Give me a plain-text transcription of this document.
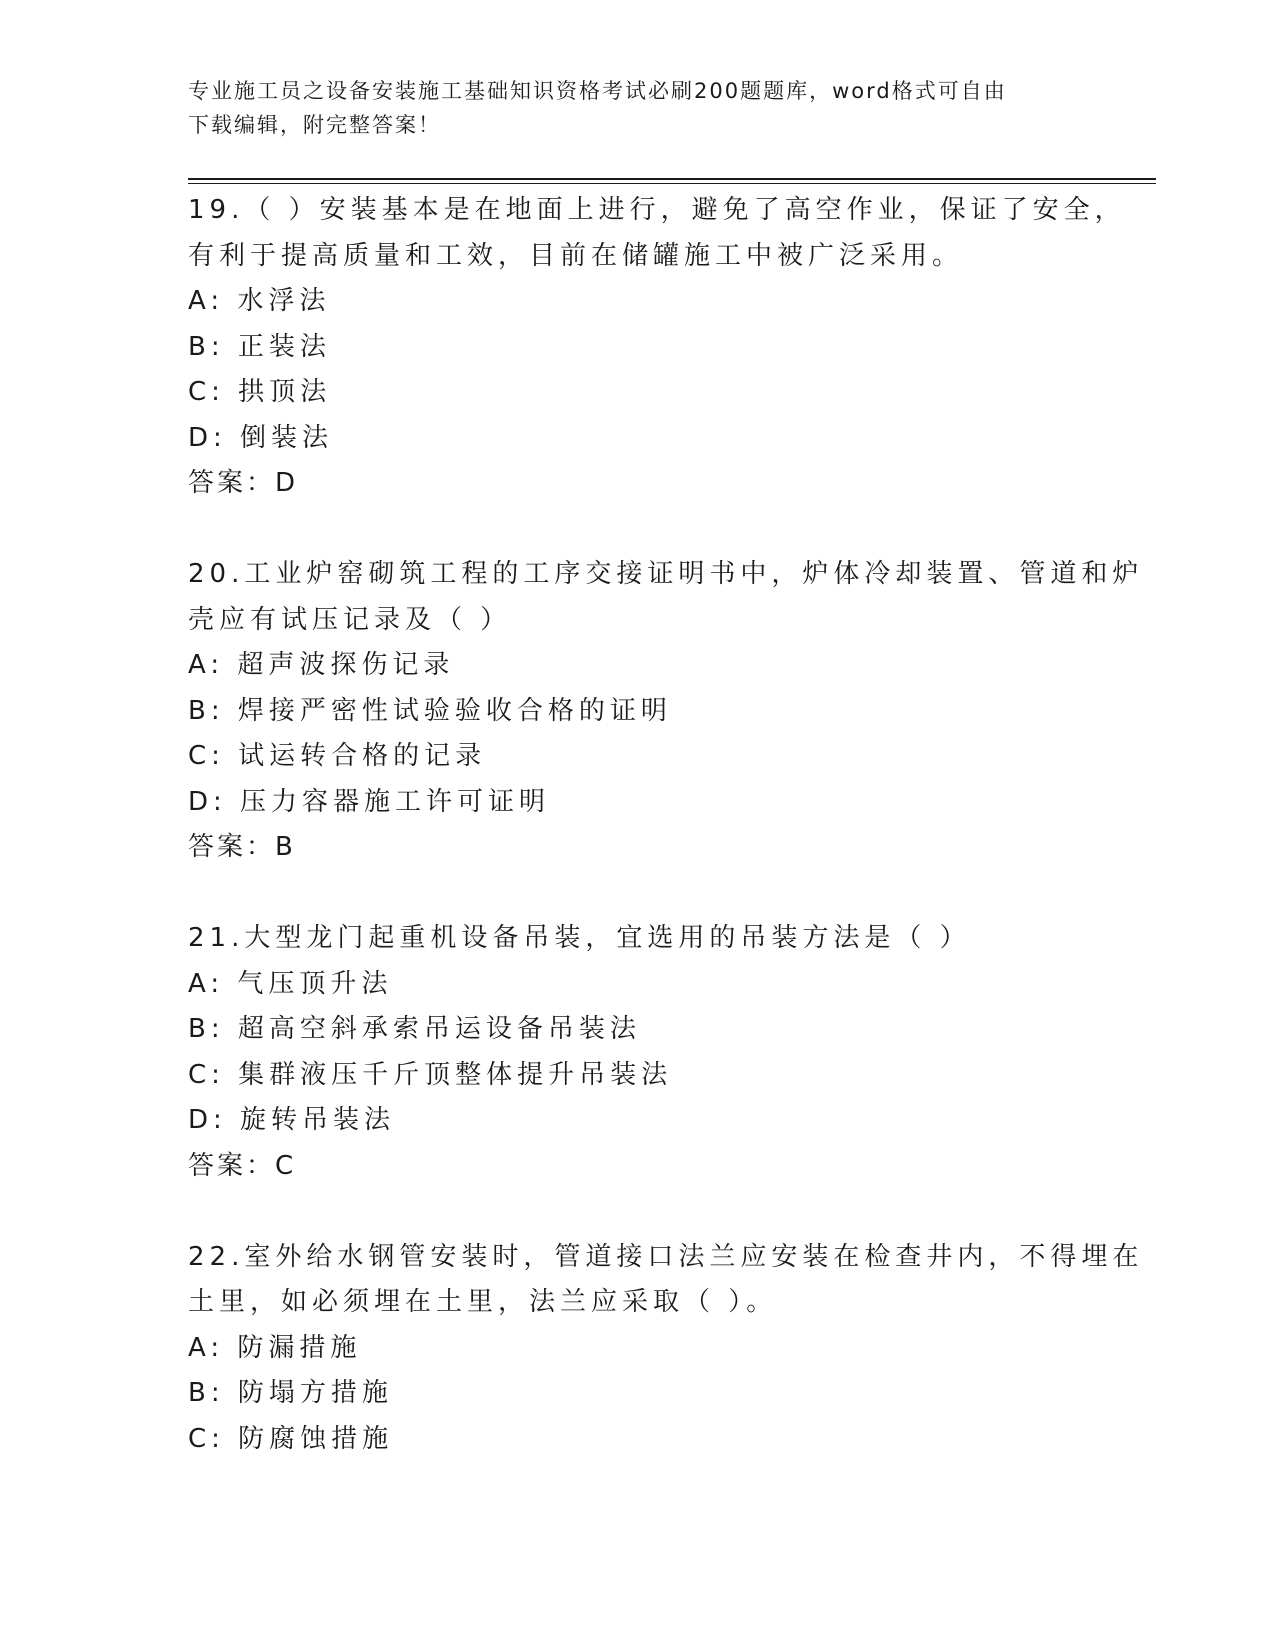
专业施工员之设备安装施工基础知识资格考试必刷200题题库，word格式可自由
下载编辑，附完整答案！
19.（ ）安装基本是在地面上进行，避免了高空作业，保证了安全，
有利于提高质量和工效，目前在储罐施工中被广泛采用。
A: 水浮法
B: 正装法
C: 拱顶法
D: 倒装法
答案：D
20.工业炉窑砌筑工程的工序交接证明书中，炉体冷却装置、管道和炉
壳应有试压记录及（ ）
A: 超声波探伤记录
B: 焊接严密性试验验收合格的证明
C: 试运转合格的记录
D: 压力容器施工许可证明
答案：B
21.大型龙门起重机设备吊装，宜选用的吊装方法是（ ）
A: 气压顶升法
B: 超高空斜承索吊运设备吊装法
C: 集群液压千斤顶整体提升吊装法
D: 旋转吊装法
答案：C
22.室外给水钢管安装时，管道接口法兰应安装在检查井内，不得埋在
土里，如必须埋在土里，法兰应采取（ ）。
A: 防漏措施
B: 防塌方措施
C: 防腐蚀措施
